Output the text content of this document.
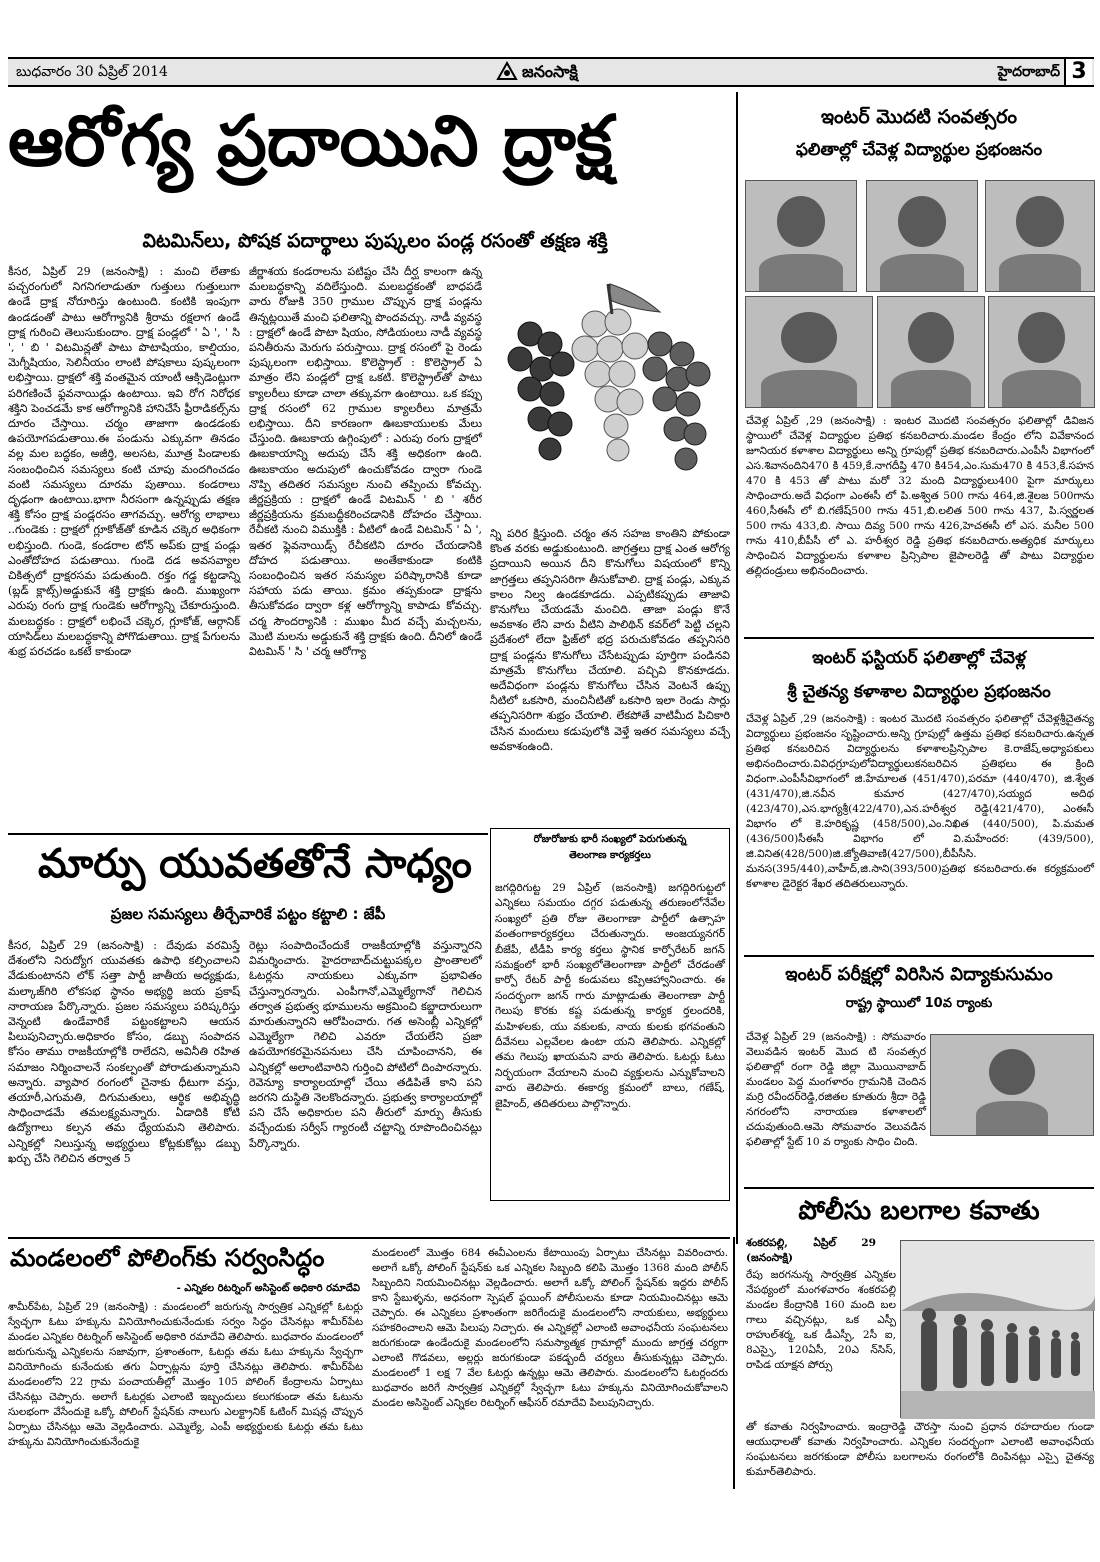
బుధవారం 30 ఏప్రిల్ 2014	జనంసాక్షి	హైదరాబాద్ 3
ఆరోగ్య ప్రదాయిని ద్రాక్ష
విటమిన్‌లు, పోషక పదార్థాలు పుష్కలం పండ్ల రసంతో తక్షణ శక్తి
కీసర, ఏప్రిల్ 29 (జనంసాక్షి) : మంచి లేతాకు పచ్చరంగులో నిగనిగలాడుతూ గుత్తులు గుత్తులుగా ఉండే ద్రాక్ష నోరూరిస్తు ఉంటుంది. కంటికి ఇంపుగా ఉండడంతో పాటు ఆరోగ్యానికి శ్రీరామ రక్షలాగ ఉండే ద్రాక్ష గురించి తెలుసుకుందాం. ద్రాక్ష పండ్లలో ' ఏ ', ' సి ', ' బి ' విటమిన్లతో పాటు పొటాషియం, కాల్షియం, మెగ్నీషియం, సెలినీయం లాంటి పోషకాలు పుష్కలంగా లభిస్తాయి. ద్రాక్షలో శక్తి వంతమైన యాంటీ ఆక్సిడెంట్లుగా పరిగణించే ఫ్లవనాయిడ్లు ఉంటాయి. ఇవి రోగ నిరోధక శక్తిని పెంచడమే కాక ఆరోగ్యానికి హానిచేసే ఫ్రీరాడికల్స్‌ను దూరం చేస్తాయి. చర్మం తాజాగా ఉండడంకు ఉపయోగపడుతాయి.ఈ పండును ఎక్కువగా తినడం వల్ల మల బద్ధకం, అజీర్తి, అలసట, మూత్ర పిండాలకు సంబంధించిన సమస్యలు కంటి చూపు మందగించడం వంటి సమస్యలు దూరమ పుతాయి. కండరాలు దృఢంగా ఉంటాయి.భాగా నీరసంగా ఉన్నప్పుడు తక్షణ శక్తి కోసం ద్రాక్ష పండ్లరసం తాగవచ్చు. ఆరోగ్య లాభాలు ..గుండెకు : ద్రాక్షలో గ్లూకోజ్‌తో కూడిన చక్కెర అధికంగా లభిస్తుంది. గుండె, కండరాల టోన్ అప్‌కు ద్రాక్ష పండ్లు ఎంతోదోహద పడుతాయి. గుండె దడ అవసవ్యాల చికిత్సలో ద్రాక్షరసమ పడుతుంది. రక్తం గడ్డ కట్టడాన్ని (బ్లడ్ క్లాట్స్)అడ్డుకునే శక్తి ద్రాక్షకు ఉంది. ముఖ్యంగా ఎరుపు రంగు ద్రాక్ష గుండెకు ఆరోగ్యాన్ని చేకూరుస్తుంది. మలబద్ధకం : ద్రాక్షలో లభించే చక్కెర, గ్లూకోజ్, ఆర్గానిక్ యాసిడ్‌లు మలబద్ధకాన్ని పోగొడుతాయి. ద్రాక్ష పేగులను శుభ్ర పరచడం ఒకటే కాకుండా
జీర్ణాశయ కండరాలను పటిష్టం చేసి దీర్ఘ కాలంగా ఉన్న మలబద్ధకాన్ని వదిలేస్తుంది. మలబద్ధకంతో బాధపడే వారు రోజుకి 350 గ్రాముల చొప్పున ద్రాక్ష పండ్లను తిన్నట్లయితే మంచి ఫలితాన్ని పొందవచ్చు. నాడీ వ్యవస్థ : ద్రాక్షలో ఉండే పొటా షియం, సోడియంలు నాడీ వ్యవస్థ పనితీరును మెరుగు పరుస్తాయి. ద్రాక్ష రసంలో పై రెండు పుష్కలంగా లభిస్తాయి. కొలెస్ట్రాల్ : కొలెస్ట్రాల్ ఏ మాత్రం లేని పండ్లలో ద్రాక్ష ఒకటి. కొలెస్ట్రాల్‌తో పాటు క్యాలరీలు కూడా చాలా తక్కువగా ఉంటాయి. ఒక కప్పు ద్రాక్ష రసంలో 62 గ్రాముల క్యాలరీలు మాత్రమే లభిస్తాయి. దీని కారణంగా ఊబకాయులకు మేలు చేస్తుంది. ఊబకాయ ఉగ్గింపులో : ఎరుపు రంగు ద్రాక్షలో ఊబకాయాన్ని అదుపు చేసే శక్తి అధికంగా ఉంది. ఊబకాయం అదుపులో ఉంచుకోవడం ద్వారా గుండె నొప్పి తదితర సమస్యల నుంచి తప్పించు కోవచ్చు. జీర్ణప్రక్రియ : ద్రాక్షలో ఉండే విటమిన్ ' బి ' శరీర జీర్ణప్రక్రియను క్రమబద్ధీకరించడానికి దోహదం చేస్తాయి. రేచీకటి నుంచి విముక్తికి : వీటిలో ఉండే విటమిన్ ' ఏ ', ఇతర ఫ్లెవనాయిడ్స్ రేచీకటిని దూరం చేయడానికి దోహద పడుతాయి. అంతేకాకుండా కంటికి సంబంధించిన ఇతర సమస్యల పరిష్కారానికి కూడా సహాయ పడు తాయి. క్రమం తప్పకుండా ద్రాక్షను తీసుకోవడం ద్వారా కళ్ల ఆరోగ్యాన్ని కాపాడు కోవచ్చు. చర్మ సౌందర్యానికి : ముఖం మీద వచ్చే మచ్చలను, మొటి మలను అడ్డుకునే శక్తి ద్రాక్షకు ఉంది. దీనిలో ఉండే విటమిన్ ' సి ' చర్మ ఆరోగ్యా
న్ని పరిర క్షిస్తుంది. చర్మం తన సహజ కాంతిని పోకుండా కొంత వరకు అడ్డుకుంటుంది. జాగ్రత్తలు ద్రాక్ష ఎంత ఆరోగ్య ప్రదాయిని అయిన దీని కొనుగోలు విషయంలో కొన్ని జాగ్రత్తలు తప్పనిసరిగా తీసుకోవాలి. ద్రాక్ష పండ్లు, ఎక్కువ కాలం నిల్వ ఉండకూడదు. ఎప్పటికప్పుడు తాజావి కొనుగోలు చేయడమే మంచిది. తాజా పండ్లు కొనే అవకాశం లేని వారు వీటిని పాలిథిన్ కవర్‌లో పెట్టి చల్లని ప్రదేశంలో లేదా ఫ్రిజ్‌లో భద్ర పరుచుకోవడం తప్పనిసరి ద్రాక్ష పండ్లను కొనుగోలు చేసేటప్పుడు పూర్తిగా పండినవి మాత్రమే కొనుగోలు చేయాలి. పచ్చివి కొనకూడదు. అదేవిధంగా పండ్లను కొనుగోలు చేసిన వెంటనే ఉప్పు నీటిలో ఒకసారి, మంచినీటితో ఒకసారి ఇలా రెండు సార్లు తప్పనిసరిగా శుభ్రం చేయాలి. లేకపోతే వాటిమీద పిచికారి చేసిన మందులు కడుపులోకి వెళ్తే ఇతర సమస్యలు వచ్చే అవకాశంఉంది.
ఇంటర్ మొదటి సంవత్సరం
ఫలితాల్లో చేవెళ్ల విద్యార్థుల ప్రభంజనం
చేవెళ్ల ఏప్రిల్ ,29 (జనంసాక్షి) : ఇంటర మొదటి సంవత్సరం ఫలితాల్లో డివిజన స్థాయిలో చేవెళ్ల విద్యార్థుల ప్రతిభ కనబరిచారు.మండల కేంద్రం లోని వివేకానంద జూనియర కళాశాల విద్యార్థులు అన్ని గ్రూపుల్లో ప్రతిభ కనబరిచారు.ఎంపీసీ విభాగంలో ఎస.శివానందిని470 కి 459,కే.నాగదీప్తి 470 కి454,ఎం.సుమ470 కి 453,కే.సహన 470 కి 453 తో పాటు మరో 32 మంది విద్యార్థులు400 పైగా మార్కులు సాధించారు.అదే విధంగా ఎంఈసీ లో పి.అశ్విత 500 గాను 464,జి.శైలజ 500గాను 460,సీఈసీ లో బి.గణేష్500 గాను 451,బి.లలిత 500 గాను 437, పి.స్వర్ణలత 500 గాను 433,బి. సాయి దివ్య 500 గాను 426,హెచఈసీ లో ఎస. మనీల 500 గాను 410,బీపీసీ లో ఎ. హరీశ్వర రెడ్డి ప్రతిభ కనబరిచారు.అత్యధిక మార్కులు సాధించిన విద్యార్థులను కళాశాల ప్రిన్సిపాల జైపాలరెడ్డి తో పాటు విద్యార్థుల తల్లిదండ్రులు అభినందించారు.
ఇంటర్ ఫస్టియర్ ఫలితాల్లో చేవెళ్ల
శ్రీ చైతన్య కళాశాల విద్యార్థుల ప్రభంజనం
చేవెళ్ల ఏప్రిల్ ,29 (జనంసాక్షి) : ఇంటర మొదటి సంవత్సరం ఫలితాల్లో చేవెళ్లశ్రీచైతన్య విద్యార్థులు ప్రభంజనం సృష్టించారు.అన్ని గ్రూపుల్లో ఉత్తమ ప్రతిభ కనబరిచారు.ఉన్నత ప్రతిభ కనబరిచిన విద్యార్థులను కళాశాలప్రిన్సిపాల కె.రాజేష్,అధ్యాపకులు అభినందించారు.వివిధగ్రూపులోవిద్యార్థులుకనబరిచిన ప్రతిభలు ఈ క్రింది విధంగా.ఎంపీసీవిభాగంలో జి.హేమాలత (451/470),పరమా (440/470), జి.శ్వేత (431/470),జి.నవీన కుమార (427/470),సయ్యద అదిథ (423/470),ఎస.భాగ్యశ్రీ(422/470),ఎన.హరీశ్వర రెడ్డి(421/470), ఎంఈసీ విభాగం లో కె.హరికృష్ణ (458/500),ఎం.నిఖిత (440/500), పి.మమత (436/500)సీఈసీ విభాగం లో వి.మహేందర: (439/500), జి.వినిత(428/500)జి.జ్యోతివాణి(427/500),బీపీసీసి. మనస(395/440),వాహీద్,జి.సాని(393/500)ప్రతిభ కనబరిచారు.ఈ కర్యక్రమంలో కళాశాల డైరెక్టర శేఖర తదితరులున్నారు.
ఇంటర్ పరీక్షల్లో విరిసిన విద్యాకుసుమం
రాష్ట్ర స్థాయిలో 10వ ర్యాంకు
చేవెళ్ల ఏప్రిల్ 29 (జనంసాక్షి) : సోమవారం వెలువడిన ఇంటర్ మొద టి సంవత్సర ఫలితాల్లో రంగా రెడ్డి జిల్లా మొయినాబాద్ మండలం పెద్ద మంగళారం గ్రామనికి చెందిన మర్రి రవీందర్‌రెడ్డి,రజితల కూతురు శ్రీదా రెడ్డి నగరంలోని నారాయణ కళాశాలలో చదువుతుంది.ఆమె సోమవారం వెలువడిన ఫలితాల్లో స్టేట్ 10 వ ర్యాంకు సాధిం చింది.
పోలీసు బలగాల కవాతు
శంకరపల్లి, ఏప్రిల్ 29 (జనంసాక్షి)
రేపు జరగనున్న సార్వత్రిక ఎన్నికల నేపథ్యంలో మంగళవారం శంకరపల్లి మండల కేంద్రానికి 160 మంది బల గాలు వచ్చినట్లు, ఒక ఎస్పీ రాహుల్‌శర్మ, ఒక డీఎస్పీ, 2సీ ఐ, 8ఎస్సై, 120ఏసీ, 20ఎ న్‌సిస్, రాపిడ యాక్షన పోర్సు
తో కవాతు నిర్వహించారు. ఇంద్రారెడ్డి చౌరస్తా నుంచి ప్రధాన రహదారుల గుండా ఆయుధాలతో కవాతు నిర్వహించారు. ఎన్నికల సందర్భంగా ఎలాంటి అవాంఛనీయ సంఘటనలు జరగకుండా పోలీసు బలగాలను రంగంలోకి దింపినట్లు ఎస్సై చైతన్య కుమార్‌తెలిపారు.
మార్పు యువతతోనే సాధ్యం
ప్రజల సమస్యలు తీర్చేవారికే పట్టం కట్టాలి : జేపీ
కీసర, ఏప్రిల్ 29 (జనంసాక్షి) : దేవుడు వరమిస్తే దేశంలోని నిరుద్యోగ యువతకు ఉపాధి కల్పించాలని వేడుకుంటానని లోక్ సత్తా పార్టీ జాతీయ అధ్యక్షుడు, మల్కాజ్‌గిరి లోకసభ స్థానం అభ్యర్థి జయ ప్రకాష్ నారాయణ పేర్కొన్నారు. ప్రజల సమస్యలు పరిష్కరిస్తు వెన్నంటి ఉండేవారికే పట్టంకట్టాలని ఆయన పిలుపునిచ్చారు.అధికారం కోసం, డబ్బు సంపాదన కోసం తాము రాజకీయాల్లోకి రాలేదని, అవినీతి రహిత సమాజం నిర్మించాలనే సంకల్పంతో పోరాడుతున్నామని అన్నారు. వ్యాపార రంగంలో చైనాకు ధీటుగా వస్తు, తయారీ,ఎగుమతి, దిగుమతులు, ఆర్థిక అభివృద్ధి సాధించాడమే తమలక్ష్యమన్నారు. ఏడాదికి కోటి ఉద్యోగాలు కల్పన తమ ధ్యేయమని తెలిపారు. ఎన్నికల్లో నిలుస్తున్న అభ్యర్థులు కోట్లకుకోట్లు డబ్బు ఖర్చు చేసి గెలిచిన తర్వాత 5
రెట్లు సంపాదించేందుకే రాజకీయాల్లోకి వస్తున్నారని విమర్శించారు. హైదరాబాద్‌చుట్టుపక్కల ప్రాంతాలలో ఓటర్లను నాయకులు ఎక్కువగా ప్రభావితం చేస్తున్నారన్నారు. ఎంపీగానో,ఎమ్మెల్యేగానో గెలిచిన తర్వాత ప్రభుత్వ భూములను అక్రమించి కబ్జాదారులుగా మారుతున్నారని ఆరోపించారు. గత అసెంబ్లీ ఎన్నికల్లో ఎమ్మెల్యేగా గెలిచి ఎవరూ చేయలేని ప్రజా ఉపయోగకరమైనపనులు చేసి చూపించానని, ఈ ఎన్నికల్లో అలాంటివారిని గుర్తించి పోటిలో దింపారన్నారు. రెవెన్యూ కార్యాలయాల్లో చేయి తడిపితే కాని పని జరగని దుస్థితి నెలకొందన్నారు. ప్రభుత్వ కార్యాలయాల్లో పని చేసే అధికారుల పని తీరులో మార్పు తీసుకు వచ్చేందుకు సర్వీస్ గ్యారంటీ చట్టాన్ని రూపొందించినట్లు పేర్కొన్నారు.
రోజురోజుకు భారీ సంఖ్యలో పెరుగుతున్న
తెలంగాణ కార్యకర్తలు
జగద్గిరిగుట్ట 29 ఏప్రిల్ (జనంసాక్షి) జగద్గిరిగుట్టలో ఎన్నికలు సమయం దగ్గర పడుతున్న తరుణంలోనేవేల సంఖ్యలో ప్రతి రోజు తెలంగాణా పార్టీలో ఉత్సాహ వంతంగాకార్యకర్తలు చేరుతున్నారు. అంజయ్యనగర్ బీజేపీ, టీడీపి కార్య కర్తలు స్థానిక కార్పోరేటర్ జగన్ సమక్షంలో భారీ సంఖ్యలోతెలంగాణా పార్టీలో చేరడంతో కార్పో రేటర్ పార్టీ కండువలు కప్పిఆహ్వానించారు. ఈ సందర్భంగా జగన్ గారు మాట్లాడుతు తెలంగాణా పార్టీ గెలుపు కొరకు కష్ట పడుతున్న కార్యక ర్తలందరికి, మహిళలకు, యు వకులకు, నాయ కులకు భగవంతుని దీవేనలు ఎల్లవేలల ఉంటా యని తెలిపారు. ఎన్నికల్లో తమ గెలుపు ఖాయమని వారు తెలిపారు. ఓటర్లు ఓటు నిర్భయంగా వేయాలని మంచి వ్యక్తులను ఎన్నుకోవాలని వారు తెలిపారు. ఈకార్య క్రమంలో బాలు, గణేష్, జైహింద్, తదితరులు పాల్గొన్నారు.
మండలంలో పోలింగ్‌కు సర్వంసిద్ధం
- ఎన్నికల రిటర్నింగ్ అసిస్టెంట్ అధికారి రమాదేవి
శామీర్‌పేట, ఏప్రిల్ 29 (జనంసాక్షి) : మండలంలో జరుగున్న సార్వత్రిక ఎన్నికల్లో ఓటర్లు స్వేచ్ఛగా ఓటు హక్కును వినియోగించుకునేందుకు సర్వం సిద్ధం చేసినట్లు శామీర్‌పేట మండల ఎన్నికల రిటర్నింగ్ అసిస్టెంట్ అధికారి రమాదేవి తెలిపారు. బుధవారం మండలంలో జరుగునున్న ఎన్నికలను సజావుగా, ప్రశాంతంగా, ఓటర్లు తమ ఓటు హక్కును స్వేచ్ఛగా వినియోగించు కునేందుకు తగు ఏర్పాట్లను పూర్తి చేసినట్లు తెలిపారు. శామీర్‌పేట మండలంలోని 22 గ్రామ పంచాయతీల్లో మొత్తం 105 పోలింగ్ కేంద్రాలను ఏర్పాటు చేసినట్లు చెప్పారు. అలాగే ఓటర్లకు ఎలాంటి ఇబ్బందులు కలుగకుండా తమ ఓటును సులభంగా వేసేందుకై ఒక్కో పోలింగ్ స్టేషన్‌కు నాలుగు ఎలక్ట్రానిక్ ఓటింగ్ మిషన్ల చొప్పున ఏర్పాటు చేసినట్లు ఆమె వెల్లడించారు. ఎమ్మెల్యే, ఎంపీ అభ్యర్థులకు ఓటర్లు తమ ఓటు హక్కును వినియోగించుకునేందుకై
మండలంలో మొత్తం 684 ఈవీఎంలను కేటాయింపు ఏర్పాటు చేసినట్లు వివరించారు. అలాగే ఒక్కో పోలింగ్ స్టేషన్‌కు ఒక ఎన్నికల సిబ్బంది కలిపి మొత్తం 1368 మంది పోలీస్ సిబ్బందిని నియమించినట్లు వెల్లడించారు. అలాగే ఒక్కో పోలింగ్ స్టేషన్‌కు ఇద్దరు పోలీస్ కాని స్టేబుళ్ళను, అధనంగా స్పెషల్ ఫ్లయింగ్ పోలీసులను కూడా నియమించినట్లు ఆమె చెప్పారు. ఈ ఎన్నికలు ప్రశాంతంగా జరిగేందుకై మండలంలోని నాయకులు, అభ్యర్థులు సహకరించాలని ఆమె పిలుపు నిచ్చారు. ఈ ఎన్నికల్లో ఎలాంటి అవాంఛనీయ సంఘటనలు జరుగకుండా ఉండేందుకై మండలంలోని సమస్యాత్మక గ్రామాల్లో ముందు జాగ్రత్త చర్యగా ఎలాంటి గొడవలు, అల్లర్లు జరుగకుండా పకడ్బందీ చర్యలు తీసుకున్నట్లు చెప్పారు. మండలంలో 1 లక్ష 7 వేల ఓటర్లు ఉన్నట్లు ఆమె తెలిపారు. మండలంలోని ఓటర్లందరు బుధవారం జరిగే సార్వత్రిక ఎన్నికల్లో స్వేచ్ఛగా ఓటు హక్కును వినియోగించుకోవాలని మండల అసిస్టెంట్ ఎన్నికల రిటర్నింగ్ ఆఫీసర్ రమాదేవి పిలుపునిచ్చారు.
